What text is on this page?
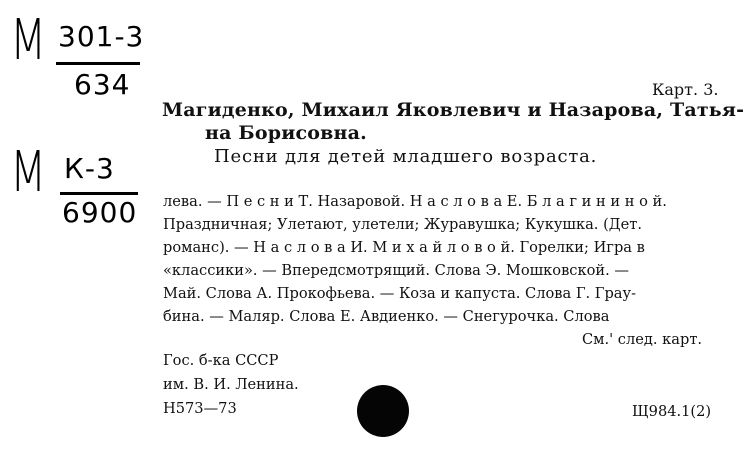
М 301-3
634
М К-3
6900
Карт. 3.
Магиденко, Михаил Яковлевич и Назарова, Татья-
на Борисовна.
Песни для детей младшего возраста.
лева. — П е с н и Т. Назаровой. Н а с л о в а Е. Б л а г и н и н о й.
Праздничная; Улетают, улетели; Журавушка; Кукушка. (Дет.
романс). — Н а с л о в а И. М и х а й л о в о й. Горелки; Игра в
«классики». — Впередсмотрящий. Слова Э. Мошковской. —
Май. Слова А. Прокофьева. — Коза и капуста. Слова Г. Грау-
бина. — Маляр. Слова Е. Авдиенко. — Снегурочка. Слова
См.' след. карт.
Гос. б-ка СССР
им. В. И. Ленина.
Н573—73	Щ984.1(2)
